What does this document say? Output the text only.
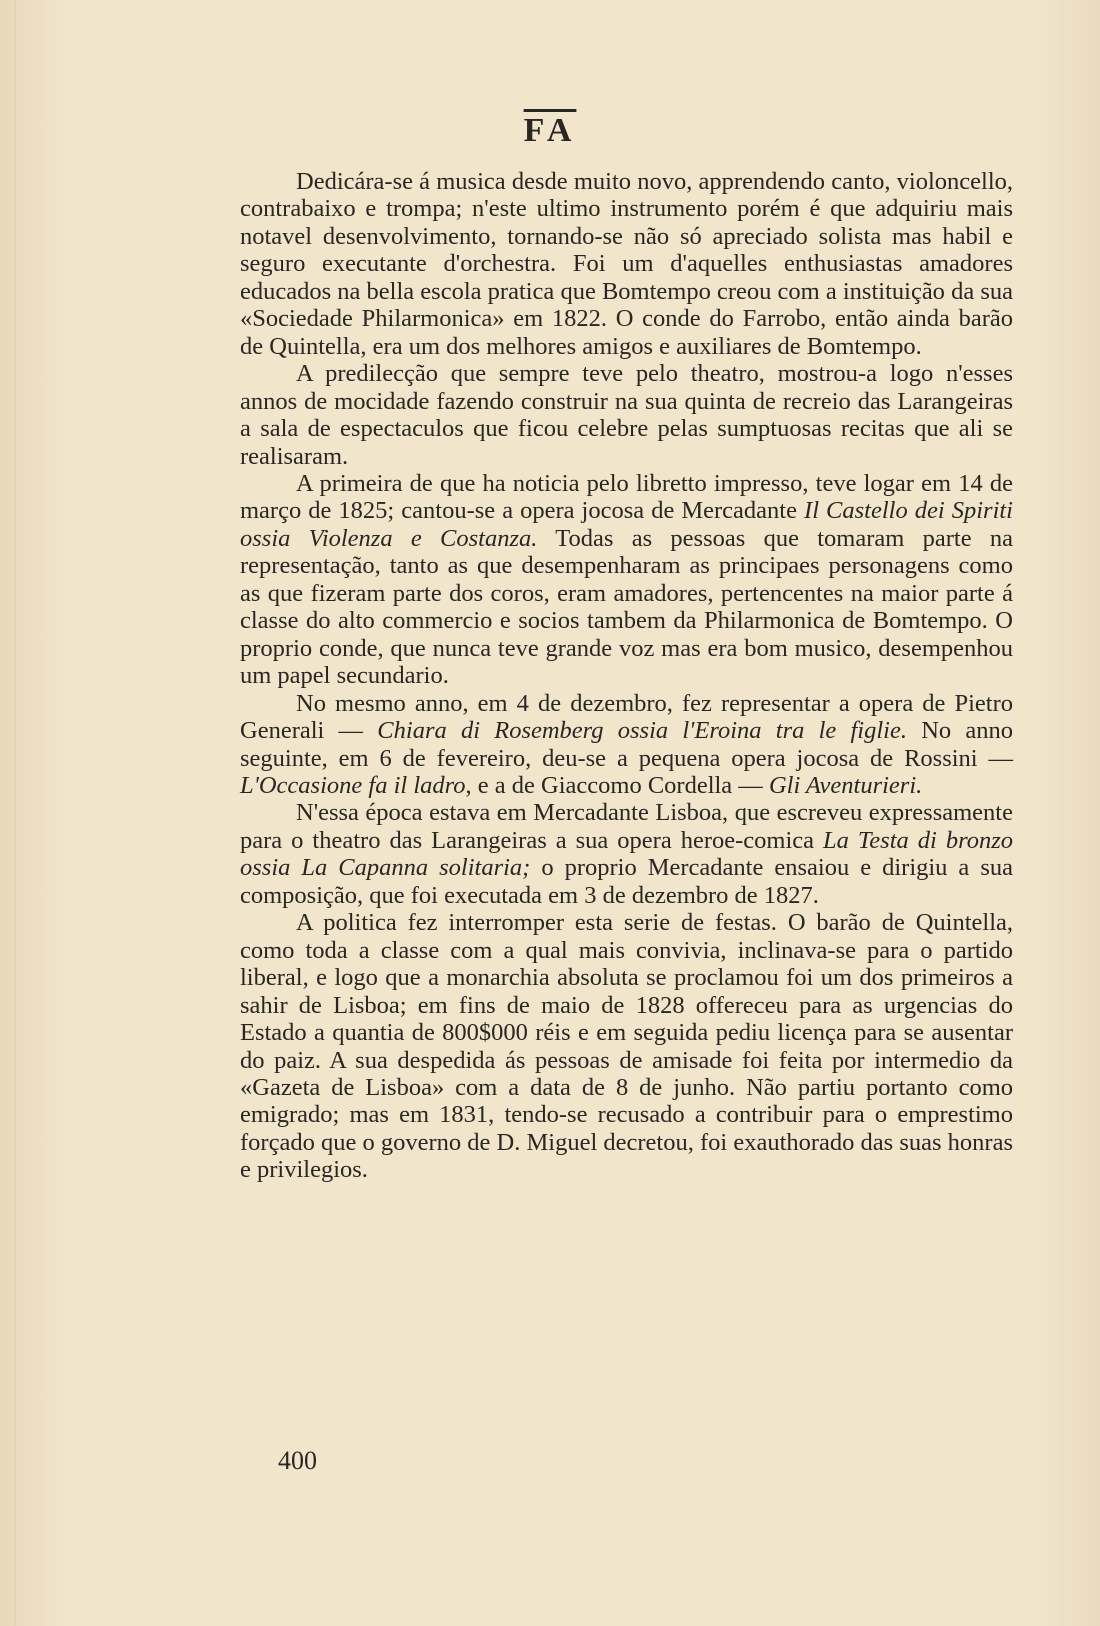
$\overline{FA}$

Dedicára-se á musica desde muito novo, apprendendo canto, violoncello, contrabaixo e trompa; n'este ultimo instrumento porém é que adquiriu mais notavel desenvolvimento, tornando-se não só apreciado solista mas habil e seguro executante d'orchestra. Foi um d'aquelles enthusiastas amadores educados na bella escola pratica que Bomtempo creou com a instituição da sua «Sociedade Philarmonica» em 1822. O conde do Farrobo, então ainda barão de Quintella, era um dos melhores amigos e auxiliares de Bomtempo.

A predilecção que sempre teve pelo theatro, mostrou-a logo n'esses annos de mocidade fazendo construir na sua quinta de recreio das Larangeiras a sala de espectaculos que ficou celebre pelas sumptuosas recitas que ali se realisaram.

A primeira de que ha noticia pelo libretto impresso, teve logar em 14 de março de 1825; cantou-se a opera jocosa de Mercadante Il Castello dei Spiriti ossia Violenza e Costanza. Todas as pessoas que tomaram parte na representação, tanto as que desempenharam as principaes personagens como as que fizeram parte dos coros, eram amadores, pertencentes na maior parte á classe do alto commercio e socios tambem da Philarmonica de Bomtempo. O proprio conde, que nunca teve grande voz mas era bom musico, desempenhou um papel secundario.

No mesmo anno, em 4 de dezembro, fez representar a opera de Pietro Generali — Chiara di Rosemberg ossia l'Eroina tra le figlie. No anno seguinte, em 6 de fevereiro, deu-se a pequena opera jocosa de Rossini — L'Occasione fa il ladro, e a de Giaccomo Cordella — Gli Aventurieri.

N'essa época estava em Mercadante Lisboa, que escreveu expressamente para o theatro das Larangeiras a sua opera heroe-comica La Testa di bronzo ossia La Capanna solitaria; o proprio Mercadante ensaiou e dirigiu a sua composição, que foi executada em 3 de dezembro de 1827.

A politica fez interromper esta serie de festas. O barão de Quintella, como toda a classe com a qual mais convivia, inclinava-se para o partido liberal, e logo que a monarchia absoluta se proclamou foi um dos primeiros a sahir de Lisboa; em fins de maio de 1828 offereceu para as urgencias do Estado a quantia de 800$000 réis e em seguida pediu licença para se ausentar do paiz. A sua despedida ás pessoas de amisade foi feita por intermedio da «Gazeta de Lisboa» com a data de 8 de junho. Não partiu portanto como emigrado; mas em 1831, tendo-se recusado a contribuir para o emprestimo forçado que o governo de D. Miguel decretou, foi exauthorado das suas honras e privilegios.

400
